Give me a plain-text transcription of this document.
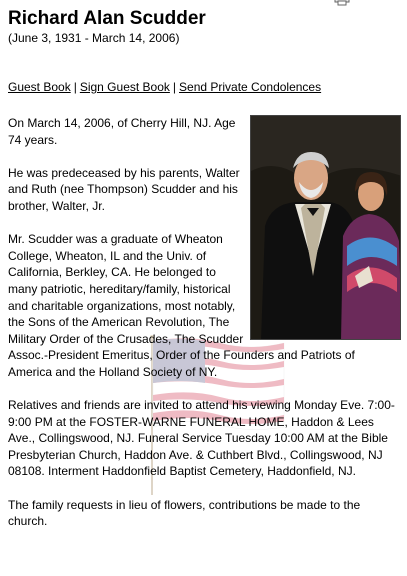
Richard Alan Scudder
(June 3, 1931 - March 14, 2006)
Guest Book | Sign Guest Book | Send Private Condolences

On March 14, 2006, of Cherry Hill, NJ. Age 74 years.

He was predeceased by his parents, Walter and Ruth (nee Thompson) Scudder and his brother, Walter, Jr.

Mr. Scudder was a graduate of Wheaton College, Wheaton, IL and the Univ. of California, Berkley, CA. He belonged to many patriotic, hereditary/family, historical and charitable organizations, most notably, the Sons of the American Revolution, The Military Order of the Crusades, The Scudder Assoc.-President Emeritus, Order of the Founders and Patriots of America and the Holland Society of NY.

Relatives and friends are invited to attend his viewing Monday Eve. 7:00-9:00 PM at the FOSTER-WARNE FUNERAL HOME, Haddon & Lees Ave., Collingswood, NJ. Funeral Service Tuesday 10:00 AM at the Bible Presbyterian Church, Haddon Ave. & Cuthbert Blvd., Collingswood, NJ 08108. Interment Haddonfield Baptist Cemetery, Haddonfield, NJ.

The family requests in lieu of flowers, contributions be made to the church.
